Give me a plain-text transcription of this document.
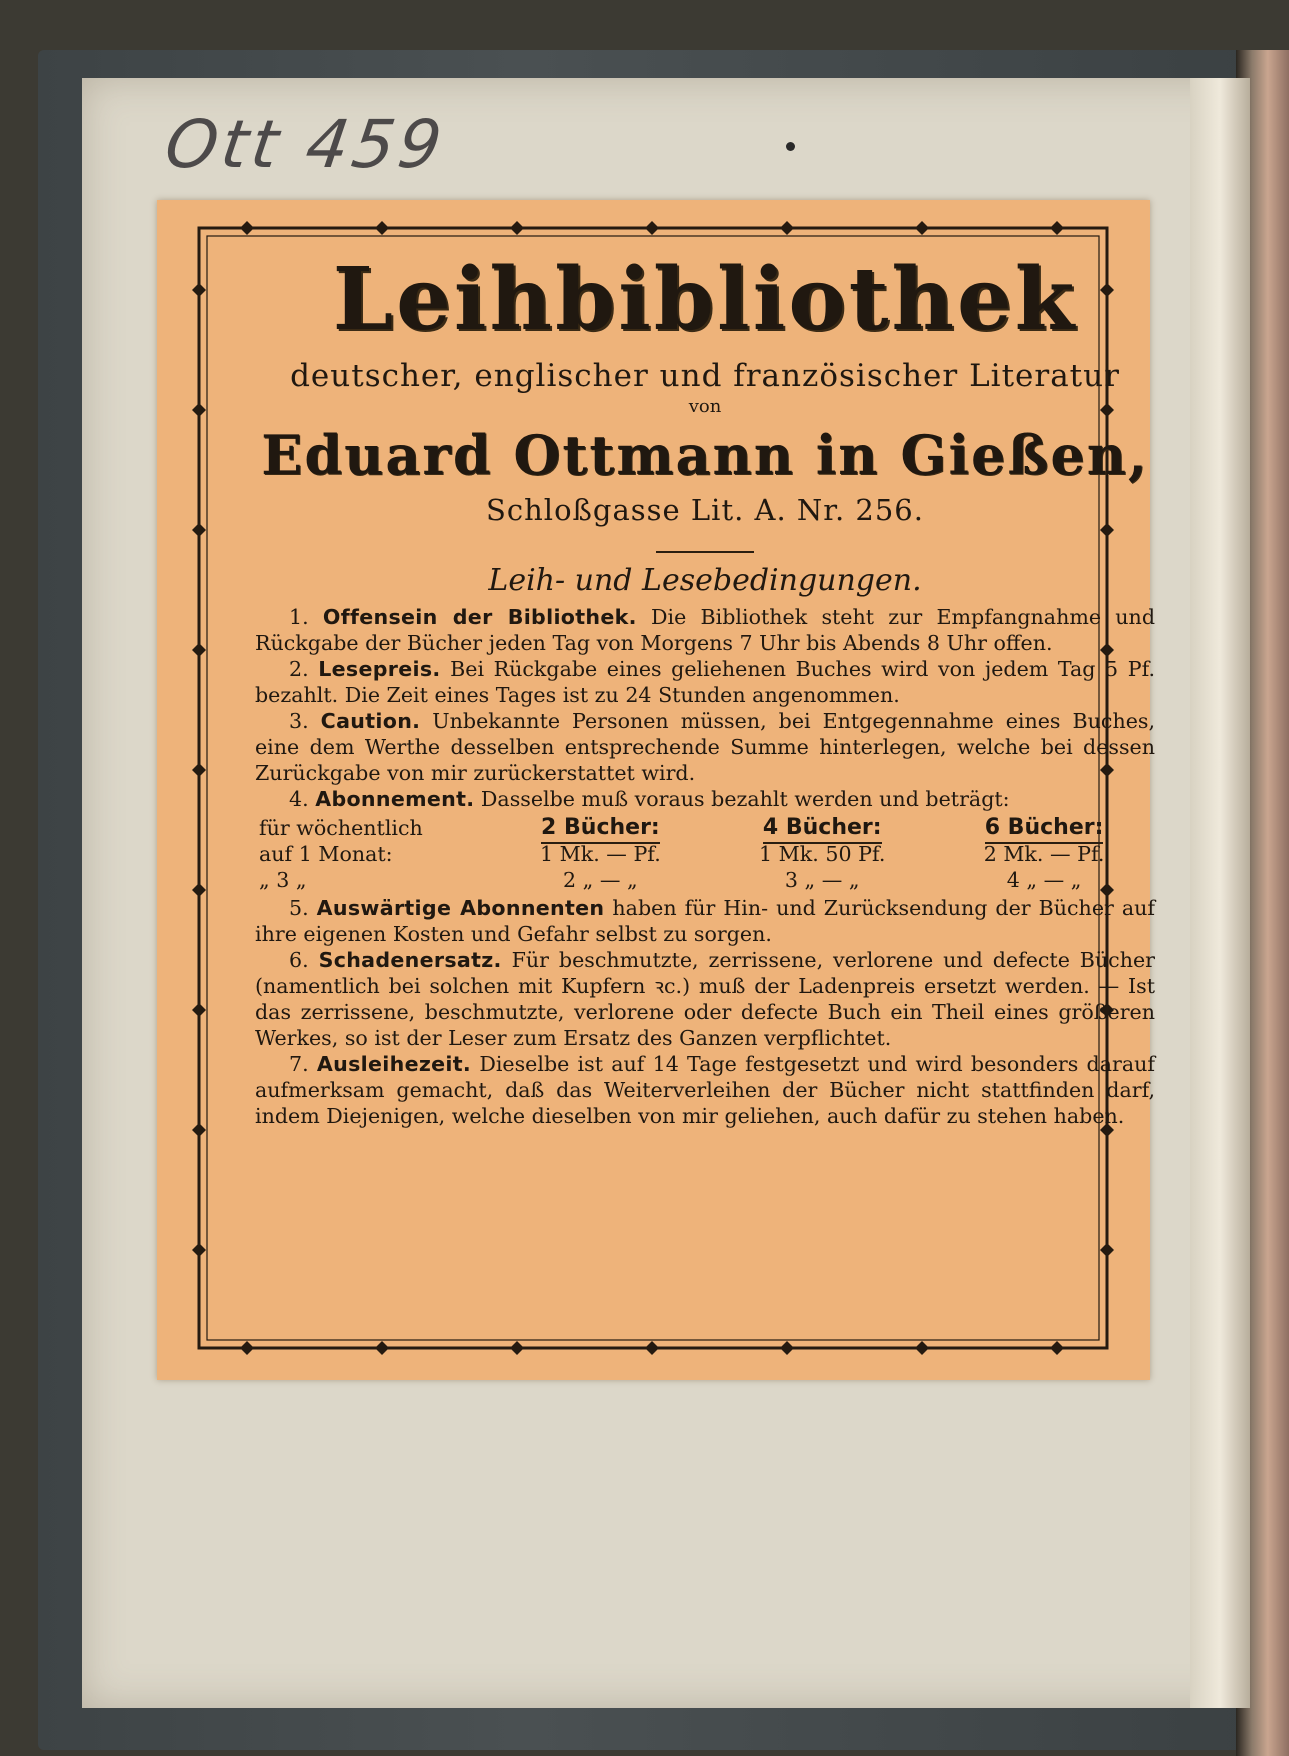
Ott 459
Leihbibliothek

deutscher, englischer und französischer Literatur

von

Eduard Ottmann in Gießen,

Schloßgasse Lit. A. Nr. 256.

Leih- und Lesebedingungen.

1. Offensein der Bibliothek. Die Bibliothek steht zur Empfangnahme und Rückgabe der Bücher jeden Tag von Morgens 7 Uhr bis Abends 8 Uhr offen.

2. Lesepreis. Bei Rückgabe eines geliehenen Buches wird von jedem Tag 5 Pf. bezahlt. Die Zeit eines Tages ist zu 24 Stunden angenommen.

3. Caution. Unbekannte Personen müssen, bei Entgegennahme eines Buches, eine dem Werthe desselben entsprechende Summe hinterlegen, welche bei dessen Zurückgabe von mir zurückerstattet wird.

4. Abonnement. Dasselbe muß voraus bezahlt werden und beträgt:

für wöchentlich	2 Bücher:	4 Bücher:	6 Bücher:
auf 1 Monat:	1 Mk. — Pf.	1 Mk. 50 Pf.	2 Mk. — Pf.
„ 3 „	2 „ — „	3 „ — „	4 „ — „

5. Auswärtige Abonnenten haben für Hin- und Zurücksendung der Bücher auf ihre eigenen Kosten und Gefahr selbst zu sorgen.

6. Schadenersatz. Für beschmutzte, zerrissene, verlorene und defecte Bücher (namentlich bei solchen mit Kupfern ꝛc.) muß der Ladenpreis ersetzt werden. — Ist das zerrissene, beschmutzte, verlorene oder defecte Buch ein Theil eines größeren Werkes, so ist der Leser zum Ersatz des Ganzen verpflichtet.

7. Ausleihezeit. Dieselbe ist auf 14 Tage festgesetzt und wird besonders darauf aufmerksam gemacht, daß das Weiterverleihen der Bücher nicht stattfinden darf, indem Diejenigen, welche dieselben von mir geliehen, auch dafür zu stehen haben.
